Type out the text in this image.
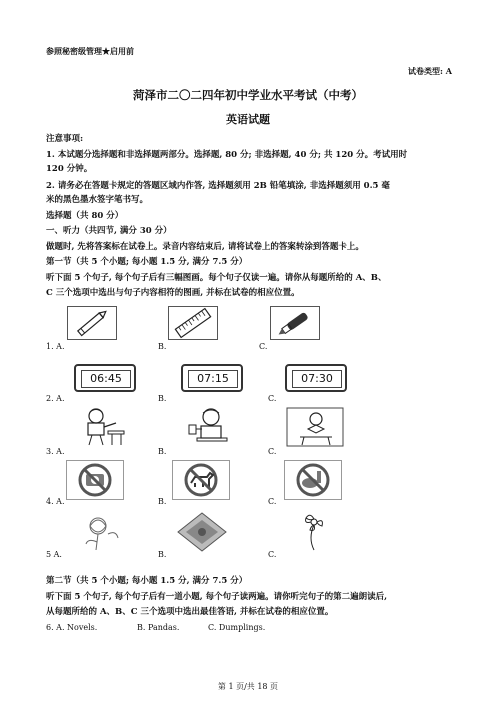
参照秘密级管理★启用前
试卷类型: A
菏泽市二〇二四年初中学业水平考试（中考）
英语试题
注意事项:
1. 本试题分选择题和非选择题两部分。选择题, 80 分; 非选择题, 40 分; 共 120 分。考试用时
120 分钟。
2. 请务必在答题卡规定的答题区域内作答, 选择题须用 2B 铅笔填涂, 非选择题须用 0.5 毫
米的黑色墨水签字笔书写。
选择题（共 80 分）
一、听力（共四节, 满分 30 分）
做题时, 先将答案标在试卷上。录音内容结束后, 请将试卷上的答案转涂到答题卡上。
第一节（共 5 个小题; 每小题 1.5 分, 满分 7.5 分）
听下面 5 个句子, 每个句子后有三幅图画。每个句子仅读一遍。请你从每题所给的 A、B、
C 三个选项中选出与句子内容相符的图画, 并标在试卷的相应位置。
1. A.	B.	C.
2. A.	B.	C.
06:45	07:15	07:30
3. A.	B.	C.
4. A.	B.	C.
5 A.	B.	C.
第二节（共 5 个小题; 每小题 1.5 分, 满分 7.5 分）
听下面 5 个句子, 每个句子后有一道小题, 每个句子读两遍。请你听完句子的第二遍朗读后,
从每题所给的 A、B、C 三个选项中选出最佳答语, 并标在试卷的相应位置。
6. A. Novels.	B. Pandas.	C. Dumplings.
第 1 页/共 18 页
